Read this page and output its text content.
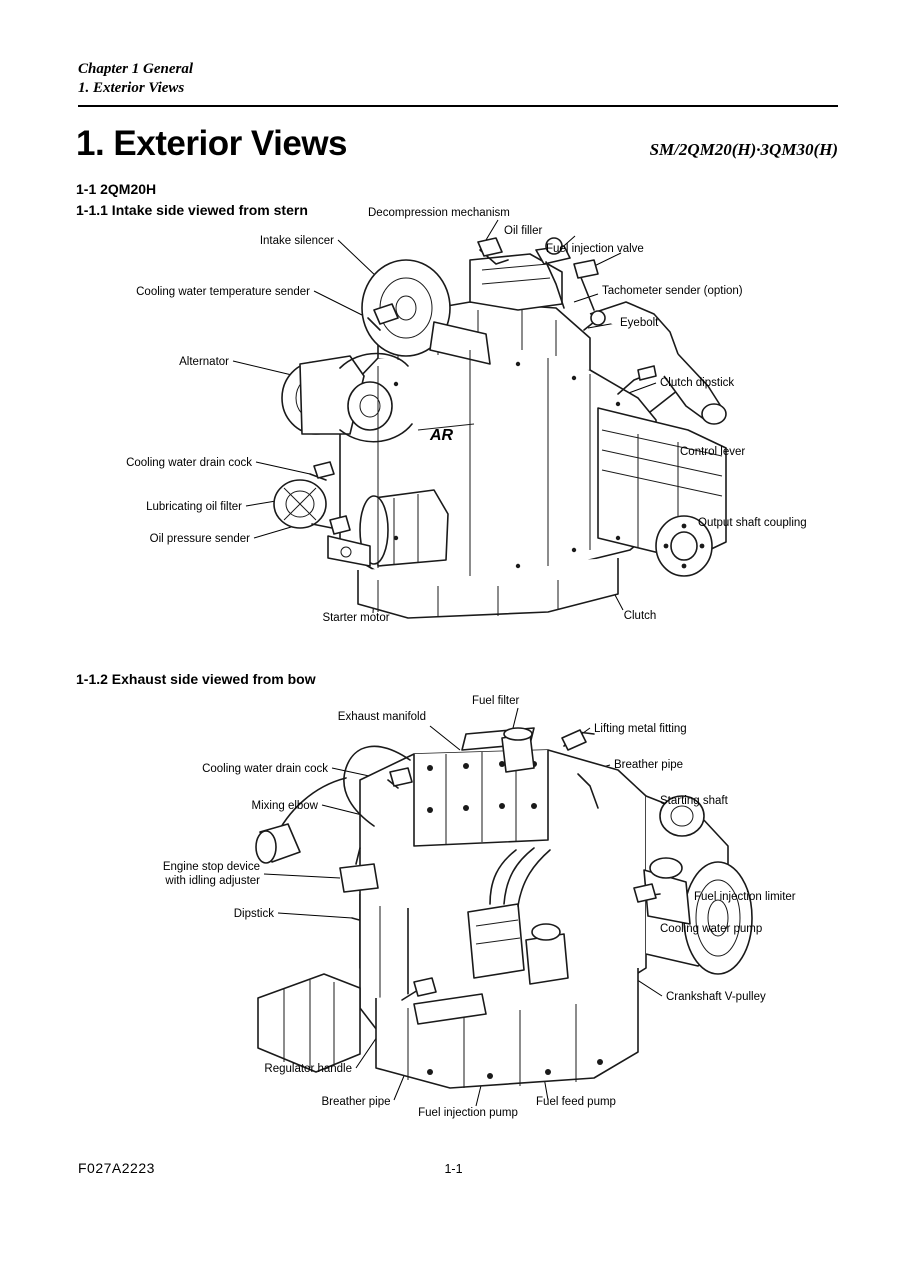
Chapter 1 General
1. Exterior Views
SM/2QM20(H)·3QM30(H)
1. Exterior Views
1-1 2QM20H
1-1.1 Intake side viewed from stern
AR
Decompression mechanism
Oil filler
Fuel injection valve
Intake silencer
Tachometer sender (option)
Cooling water temperature sender
Eyebolt
Alternator
Clutch dipstick
Control lever
Cooling water drain cock
Lubricating oil filter
Output shaft coupling
Oil pressure sender
Starter motor	Clutch
1-1.2 Exhaust side viewed from bow
Fuel filter
Exhaust manifold
Lifting metal fitting
Cooling water drain cock	Breather pipe
Mixing elbow	Starting shaft
Engine stop device
with idling adjuster
Fuel injection limiter
Dipstick
Cooling water pump
Crankshaft V-pulley
Regulator handle
Breather pipe
Fuel injection pump
Fuel feed pump
F027A2223	1-1
